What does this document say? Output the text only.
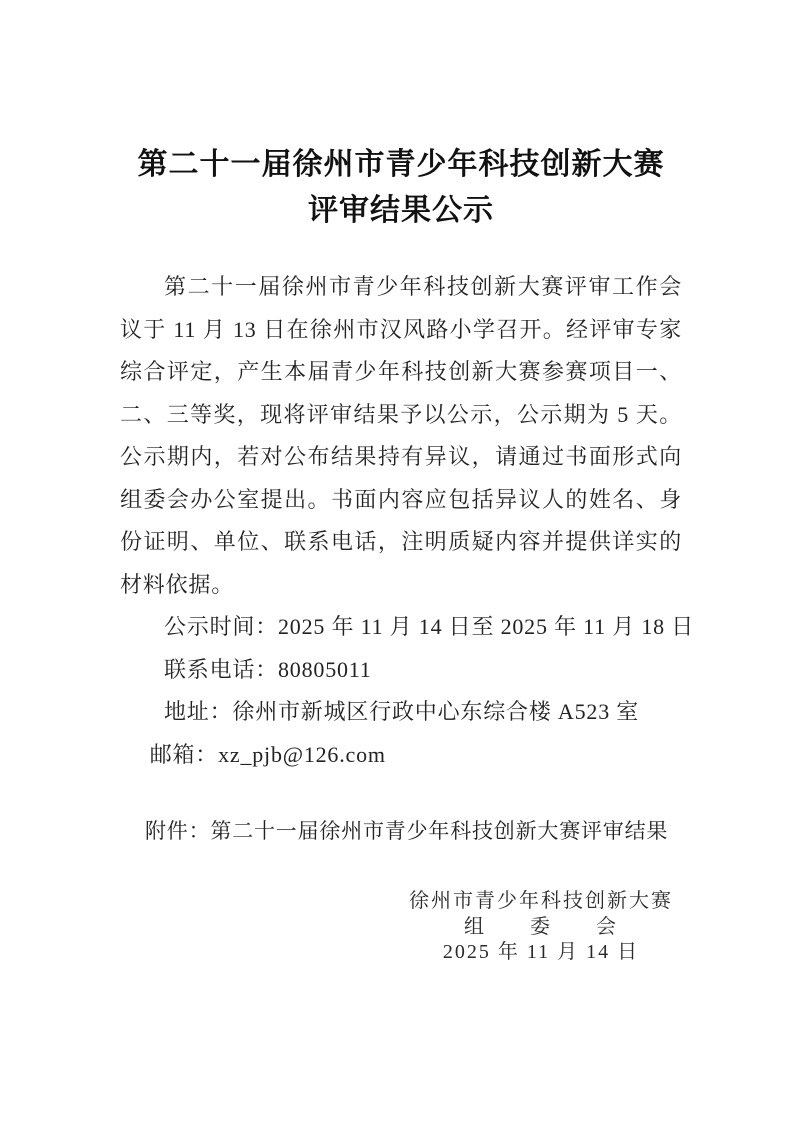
第二十一届徐州市青少年科技创新大赛
评审结果公示

第二十一届徐州市青少年科技创新大赛评审工作会议于 11 月 13 日在徐州市汉风路小学召开。经评审专家综合评定，产生本届青少年科技创新大赛参赛项目一、二、三等奖，现将评审结果予以公示，公示期为 5 天。公示期内，若对公布结果持有异议，请通过书面形式向组委会办公室提出。书面内容应包括异议人的姓名、身份证明、单位、联系电话，注明质疑内容并提供详实的材料依据。

公示时间：2025 年 11 月 14 日至 2025 年 11 月 18 日

联系电话：80805011

地址：徐州市新城区行政中心东综合楼 A523 室

邮箱：xz_pjb@126.com

附件：第二十一届徐州市青少年科技创新大赛评审结果

徐州市青少年科技创新大赛
组　　委　　会
2025 年 11 月 14 日
